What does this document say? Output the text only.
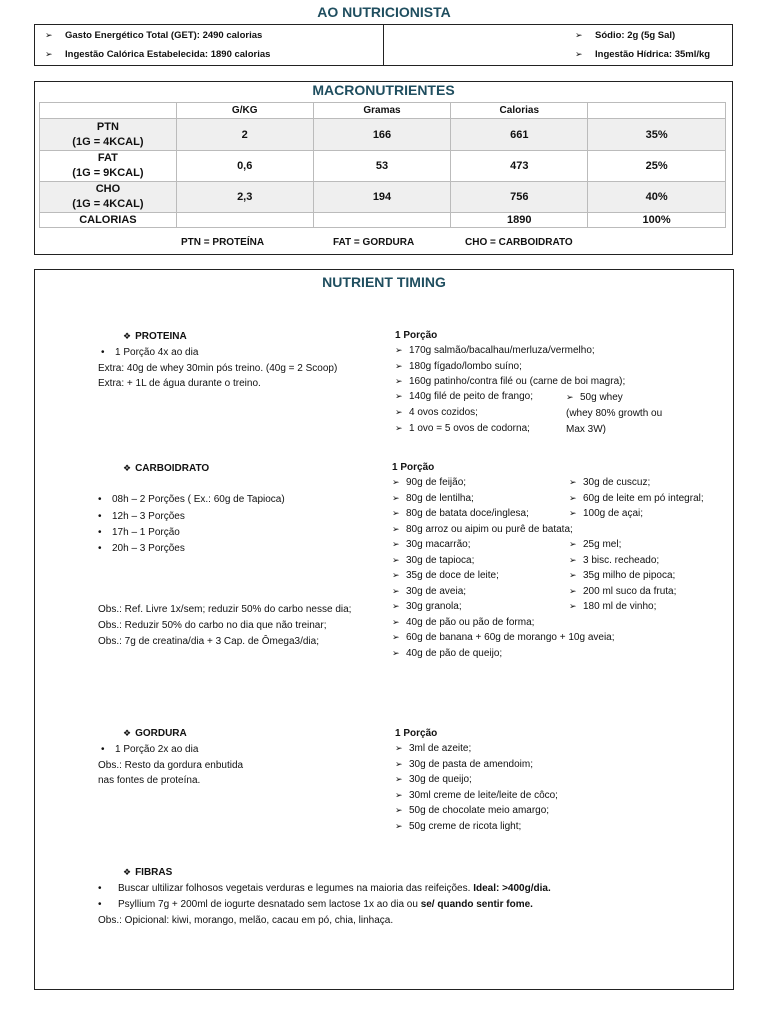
AO NUTRICIONISTA
➢ Gasto Energético Total (GET): 2490 calorias
➢ Ingestão Calórica Estabelecida: 1890 calorias
➢ Sódio: 2g (5g Sal)
➢ Ingestão Hídrica: 35ml/kg
MACRONUTRIENTES
	G/KG	Gramas	Calorias	

PTN
(1G = 4KCAL)	2	166	661	35%

FAT
(1G = 9KCAL)	0,6	53	473	25%

CHO
(1G = 4KCAL)	2,3	194	756	40%
CALORIAS			1890	100%
PTN = PROTEÍNA	FAT = GORDURA	CHO = CARBOIDRATO
NUTRIENT TIMING
❖ PROTEINA
• 1 Porção 4x ao dia
Extra: 40g de whey 30min pós treino. (40g = 2 Scoop)
Extra: + 1L de água durante o treino.
1 Porção
➢ 170g salmão/bacalhau/merluza/vermelho;
➢ 180g fígado/lombo suíno;
➢ 160g patinho/contra filé ou (carne de boi magra);
➢ 140g filé de peito de frango;
➢ 4 ovos cozidos;
➢ 1 ovo = 5 ovos de codorna;
➢ 50g whey
(whey 80% growth ou
Max 3W)
❖ CARBOIDRATO
• 08h – 2 Porções ( Ex.: 60g de Tapioca)
• 12h – 3 Porções
• 17h – 1 Porção
• 20h – 3 Porções
Obs.: Ref. Livre 1x/sem; reduzir 50% do carbo nesse dia;
Obs.: Reduzir 50% do carbo no dia que não treinar;
Obs.: 7g de creatina/dia + 3 Cap. de Ômega3/dia;
1 Porção
➢ 90g de feijão;
➢ 80g de lentilha;
➢ 80g de batata doce/inglesa;
➢ 80g arroz ou aipim ou purê de batata;
➢ 30g macarrão;
➢ 30g de tapioca;
➢ 35g de doce de leite;
➢ 30g de aveia;
➢ 30g granola;
➢ 40g de pão ou pão de forma;
➢ 60g de banana + 60g de morango + 10g aveia;
➢ 40g de pão de queijo;
➢ 30g de cuscuz;
➢ 60g de leite em pó integral;
➢ 100g de açai;
➢ 25g mel;
➢ 3 bisc. recheado;
➢ 35g milho de pipoca;
➢ 200 ml suco da fruta;
➢ 180 ml de vinho;
❖ GORDURA
• 1 Porção 2x ao dia
Obs.: Resto da gordura enbutida
nas fontes de proteína.
1 Porção
➢ 3ml de azeite;
➢ 30g de pasta de amendoim;
➢ 30g de queijo;
➢ 30ml creme de leite/leite de côco;
➢ 50g de chocolate meio amargo;
➢ 50g creme de ricota light;
❖ FIBRAS
• Buscar ultilizar folhosos vegetais verduras e legumes na maioria das reifeições. Ideal: >400g/dia.
• Psyllium 7g + 200ml de iogurte desnatado sem lactose 1x ao dia ou se/ quando sentir fome.
Obs.: Opicional: kiwi, morango, melão, cacau em pó, chia, linhaça.
